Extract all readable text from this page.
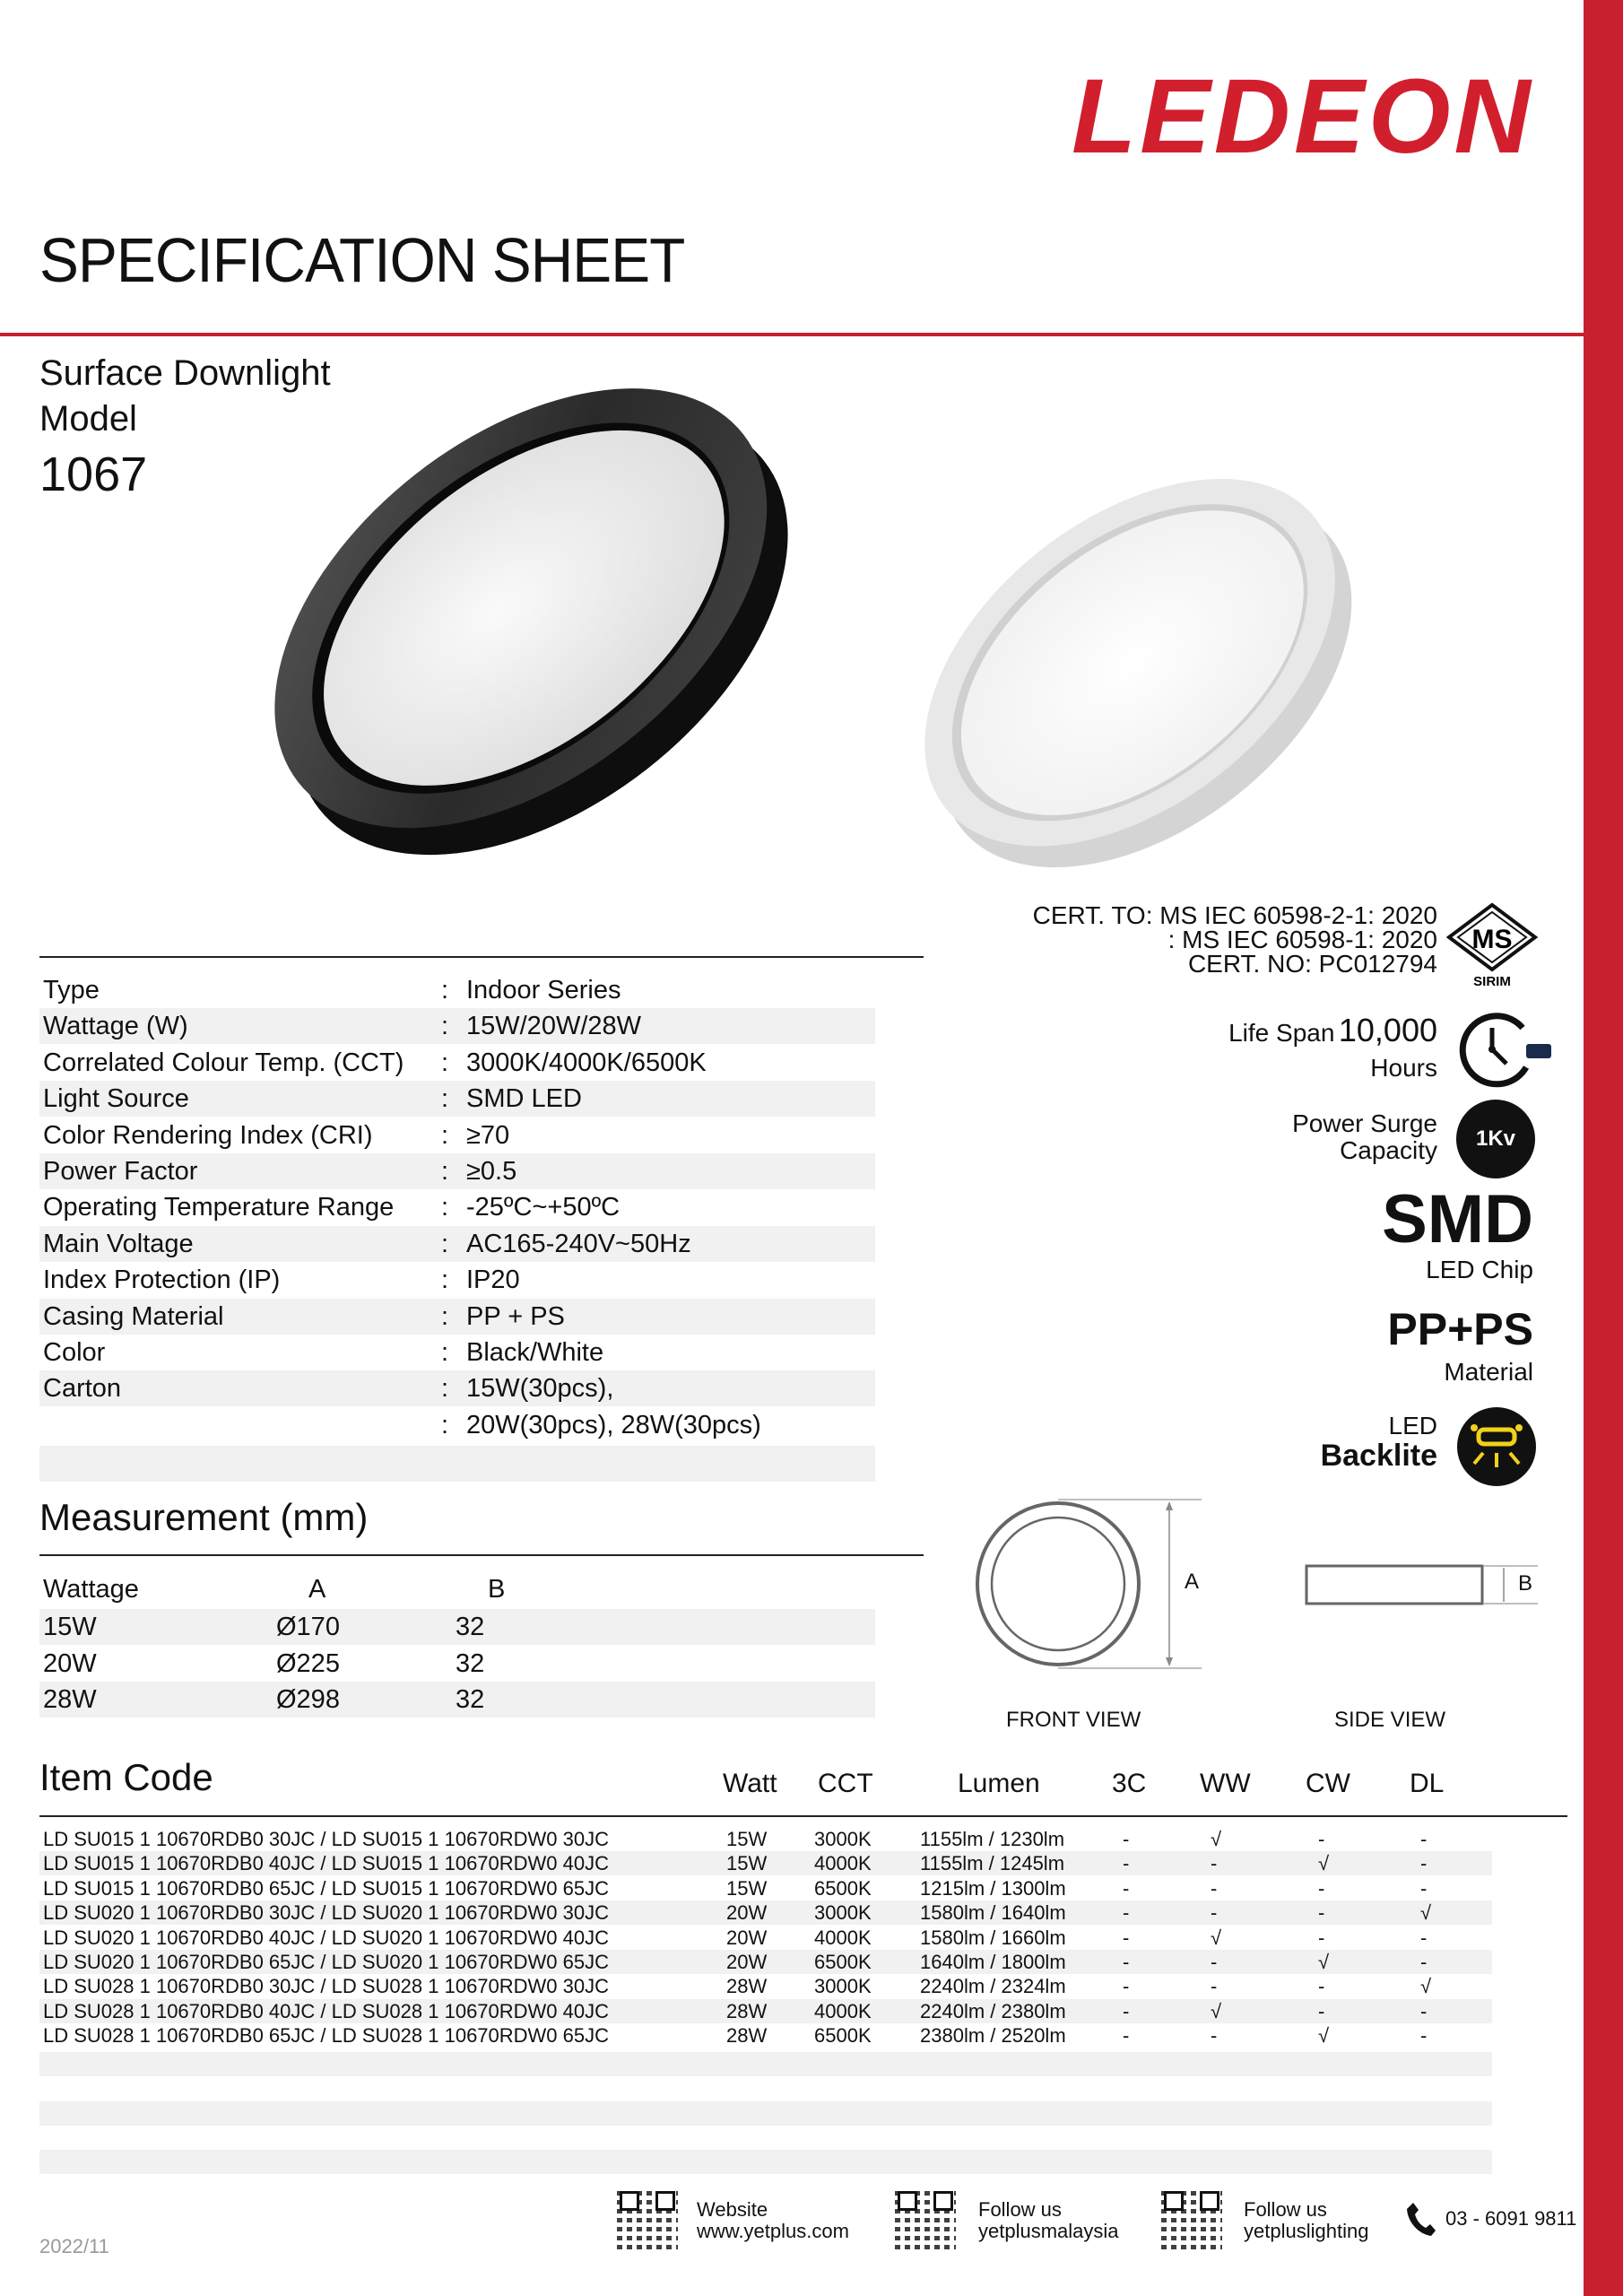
LEDEON
SPECIFICATION SHEET
Surface Downlight
Model
1067
Type	: Indoor Series
Wattage (W)	: 15W/20W/28W
Correlated Colour Temp. (CCT) : 3000K/4000K/6500K
Light Source	: SMD LED
Color Rendering Index (CRI)	: ≥70
Power Factor	: ≥0.5
Operating Temperature Range : -25ºC~+50ºC
Main Voltage	: AC165-240V~50Hz
Index Protection (IP)	: IP20
Casing Material	: PP + PS
Color	: Black/White
Carton	: 15W(30pcs),
: 20W(30pcs), 28W(30pcs)
CERT. TO: MS IEC 60598-2-1: 2020
: MS IEC 60598-1: 2020
CERT. NO: PC012794
MS
SIRIM
Life Span 10,000
Hours
Power Surge
Capacity	1Kv
SMD
LED Chip
PP+PS
Material
LED
Backlite
Measurement (mm)
Wattage	A	B
15W	Ø170	32
20W	Ø225	32
28W	Ø298	32
A	B
FRONT VIEW	SIDE VIEW
Item Code	Watt CCT	Lumen	3C WW CW DL
LD SU015 1 10670RDB0 30JC / LD SU015 1 10670RDW0 30JC	15W 3000K 1155lm / 1230lm	-	√	-	-
LD SU015 1 10670RDB0 40JC / LD SU015 1 10670RDW0 40JC	15W 4000K 1155lm / 1245lm	-	-	√	-
LD SU015 1 10670RDB0 65JC / LD SU015 1 10670RDW0 65JC	15W 6500K 1215lm / 1300lm	-	-	-	-
LD SU020 1 10670RDB0 30JC / LD SU020 1 10670RDW0 30JC	20W 3000K 1580lm / 1640lm	-	-	-	√
LD SU020 1 10670RDB0 40JC / LD SU020 1 10670RDW0 40JC	20W 4000K 1580lm / 1660lm	-	√	-	-
LD SU020 1 10670RDB0 65JC / LD SU020 1 10670RDW0 65JC	20W 6500K 1640lm / 1800lm	-	-	√	-
LD SU028 1 10670RDB0 30JC / LD SU028 1 10670RDW0 30JC	28W 3000K 2240lm / 2324lm	-	-	-	√
LD SU028 1 10670RDB0 40JC / LD SU028 1 10670RDW0 40JC	28W 4000K 2240lm / 2380lm	-	√	-	-
LD SU028 1 10670RDB0 65JC / LD SU028 1 10670RDW0 65JC	28W 6500K 2380lm / 2520lm	-	-	√	-
Website
www.yetplus.com
Follow us
yetplusmalaysia
Follow us
yetpluslighting
03 - 6091 9811
2022/11
